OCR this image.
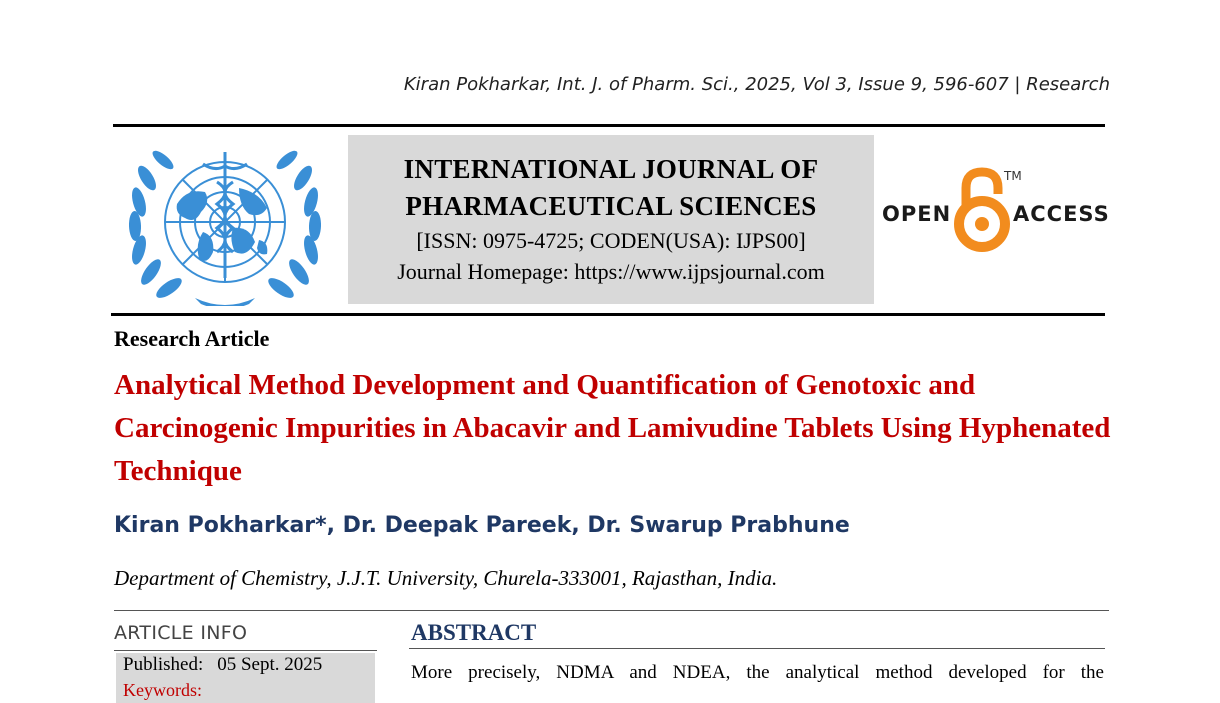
Kiran Pokharkar, Int. J. of Pharm. Sci., 2025, Vol 3, Issue 9, 596-607 | Research
INTERNATIONAL JOURNAL OF
PHARMACEUTICAL SCIENCES
[ISSN: 0975-4725; CODEN(USA): IJPS00]
Journal Homepage: https://www.ijpsjournal.com
OPEN
TM
ACCESS
Research Article
Analytical Method Development and Quantification of Genotoxic and Carcinogenic Impurities in Abacavir and Lamivudine Tablets Using Hyphenated Technique
Kiran Pokharkar*, Dr. Deepak Pareek, Dr. Swarup Prabhune
Department of Chemistry, J.J.T. University, Churela-333001, Rajasthan, India.
ARTICLE INFO
Published: 05 Sept. 2025
Keywords:
ABSTRACT
More precisely, NDMA and NDEA, the analytical method developed for the
